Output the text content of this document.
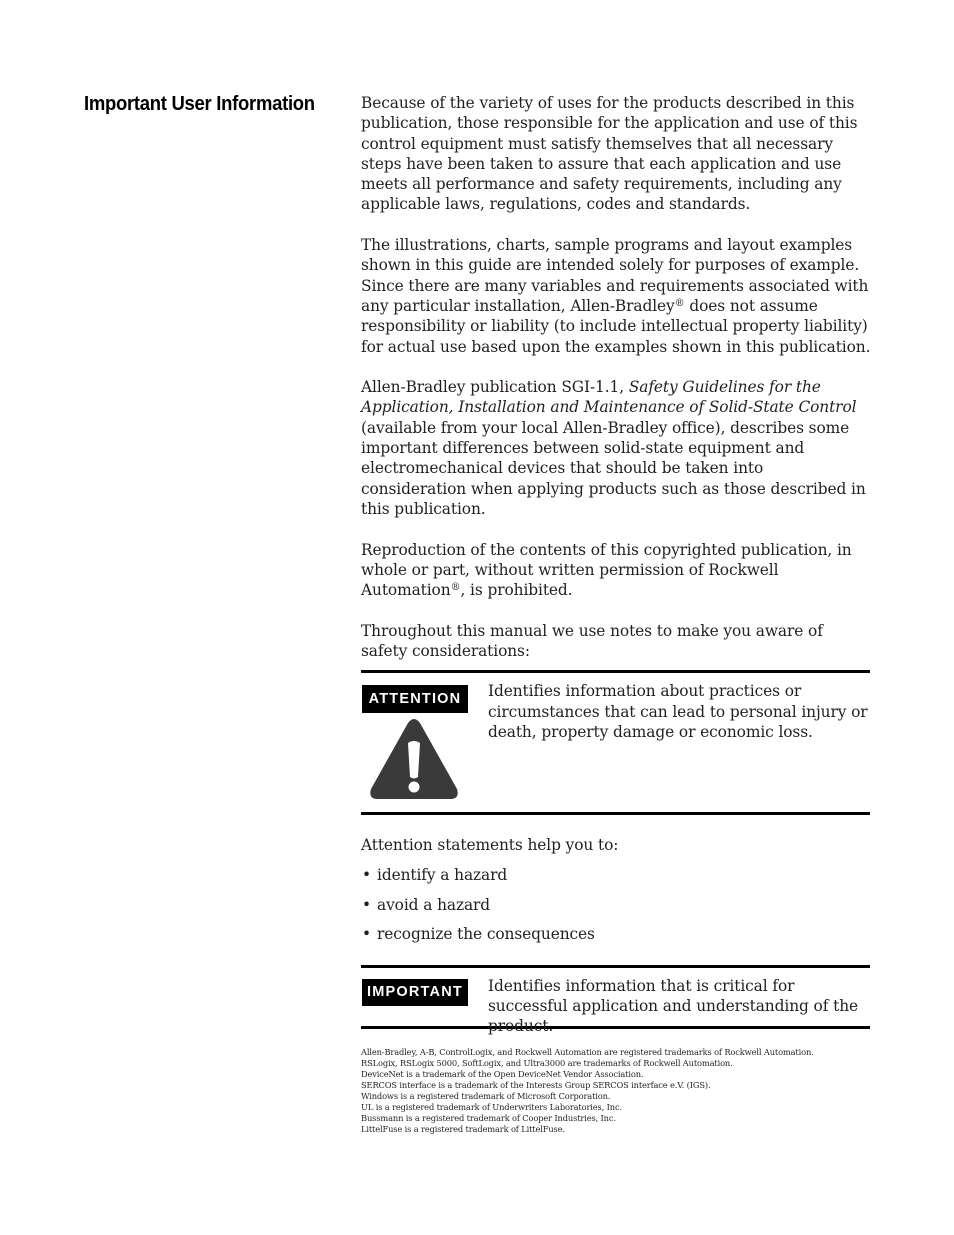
Important User Information	Because of the variety of uses for the products described in this publication, those responsible for the application and use of this control equipment must satisfy themselves that all necessary steps have been taken to assure that each application and use meets all performance and safety requirements, including any applicable laws, regulations, codes and standards.

The illustrations, charts, sample programs and layout examples shown in this guide are intended solely for purposes of example. Since there are many variables and requirements associated with any particular installation, Allen-Bradley® does not assume responsibility or liability (to include intellectual property liability) for actual use based upon the examples shown in this publication.

Allen-Bradley publication SGI-1.1, Safety Guidelines for the Application, Installation and Maintenance of Solid-State Control (available from your local Allen-Bradley office), describes some important differences between solid-state equipment and electromechanical devices that should be taken into consideration when applying products such as those described in this publication.

Reproduction of the contents of this copyrighted publication, in whole or part, without written permission of Rockwell Automation®, is prohibited.

Throughout this manual we use notes to make you aware of safety considerations:

ATTENTION	Identifies information about practices or circumstances that can lead to personal injury or death, property damage or economic loss.

Attention statements help you to:

• identify a hazard
• avoid a hazard
• recognize the consequences
IMPORTANT	Identifies information that is critical for successful application and understanding of the product.
Allen-Bradley, A-B, ControlLogix, and Rockwell Automation are registered trademarks of Rockwell Automation.
RSLogix, RSLogix 5000, SoftLogix, and Ultra3000 are trademarks of Rockwell Automation.
DeviceNet is a trademark of the Open DeviceNet Vendor Association.
SERCOS interface is a trademark of the Interests Group SERCOS interface e.V. (IGS).
Windows is a registered trademark of Microsoft Corporation.
UL is a registered trademark of Underwriters Laboratories, Inc.
Bussmann is a registered trademark of Cooper Industries, Inc.
LittelFuse is a registered trademark of LittelFuse.
